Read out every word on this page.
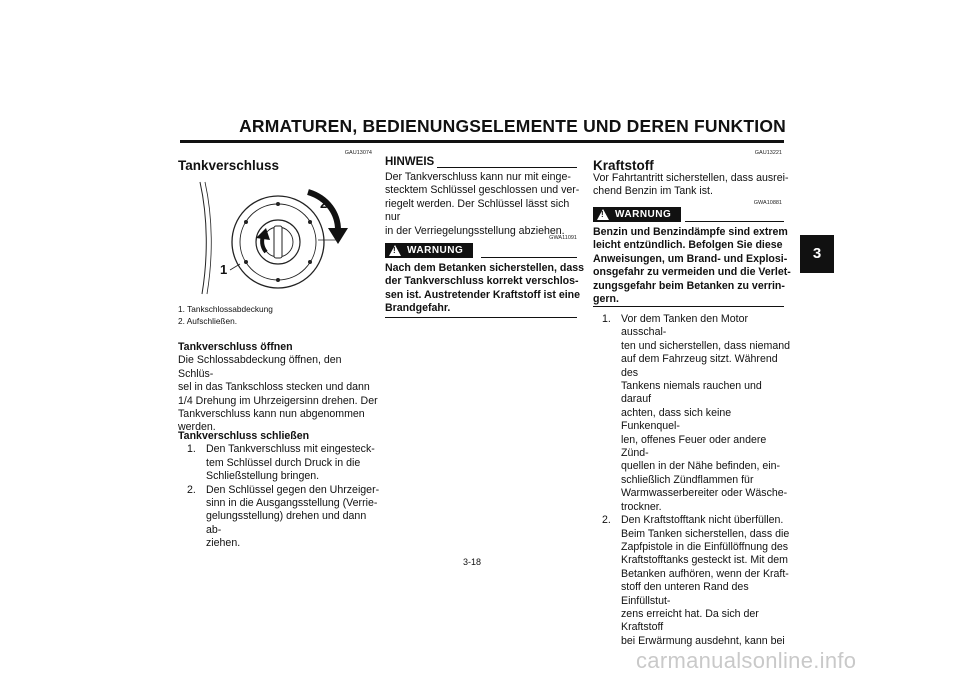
ARMATUREN, BEDIENUNGSELEMENTE UND DEREN FUNKTION
3
GAU13074
Tankverschluss
1
2
1. Tankschlossabdeckung
2. Aufschließen.
Tankverschluss öffnen
Die Schlossabdeckung öffnen, den Schlüs-
sel in das Tankschloss stecken und dann
1/4 Drehung im Uhrzeigersinn drehen. Der
Tankverschluss kann nun abgenommen
werden.
Tankverschluss schließen
1. Den Tankverschluss mit eingesteck-
tem Schlüssel durch Druck in die
Schließstellung bringen.
2. Den Schlüssel gegen den Uhrzeiger-
sinn in die Ausgangsstellung (Verrie-
gelungsstellung) drehen und dann ab-
ziehen.
HINWEIS
Der Tankverschluss kann nur mit einge-
stecktem Schlüssel geschlossen und ver-
riegelt werden. Der Schlüssel lässt sich nur
in der Verriegelungsstellung abziehen.
GWA11091
! WARNUNG
Nach dem Betanken sicherstellen, dass
der Tankverschluss korrekt verschlos-
sen ist. Austretender Kraftstoff ist eine
Brandgefahr.
GAU13221
Kraftstoff
Vor Fahrtantritt sicherstellen, dass ausrei-
chend Benzin im Tank ist.
GWA10881
! WARNUNG
Benzin und Benzindämpfe sind extrem
leicht entzündlich. Befolgen Sie diese
Anweisungen, um Brand- und Explosi-
onsgefahr zu vermeiden und die Verlet-
zungsgefahr beim Betanken zu verrin-
gern.
1. Vor dem Tanken den Motor ausschal-
ten und sicherstellen, dass niemand
auf dem Fahrzeug sitzt. Während des
Tankens niemals rauchen und darauf
achten, dass sich keine Funkenquel-
len, offenes Feuer oder andere Zünd-
quellen in der Nähe befinden, ein-
schließlich Zündflammen für
Warmwasserbereiter oder Wäsche-
trockner.
2. Den Kraftstofftank nicht überfüllen.
Beim Tanken sicherstellen, dass die
Zapfpistole in die Einfüllöffnung des
Kraftstofftanks gesteckt ist. Mit dem
Betanken aufhören, wenn der Kraft-
stoff den unteren Rand des Einfüllstut-
zens erreicht hat. Da sich der Kraftstoff
bei Erwärmung ausdehnt, kann bei
3-18
carmanualsonline.info
